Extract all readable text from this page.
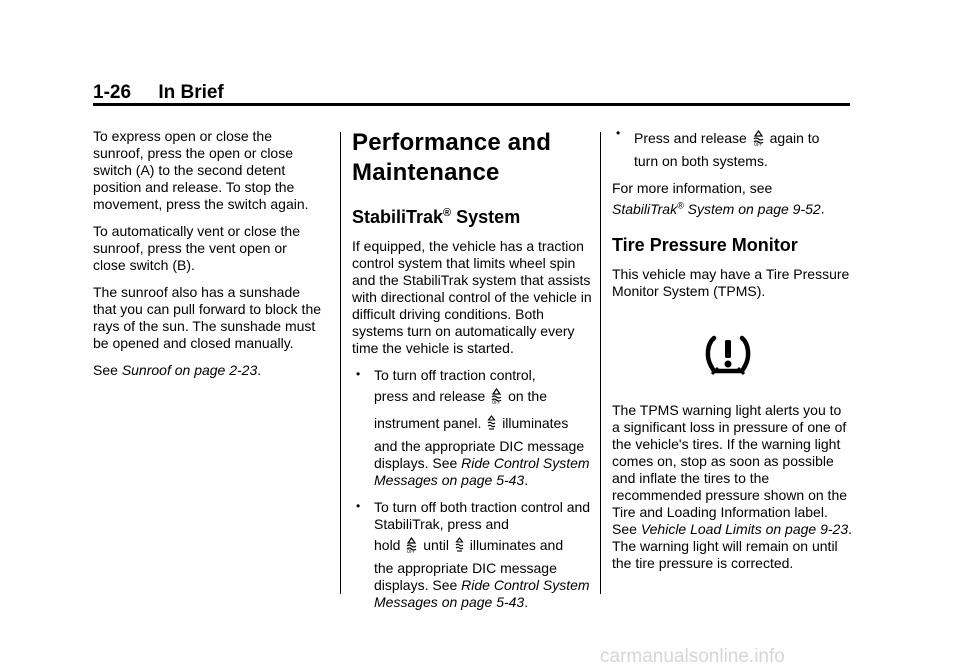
1-26 In Brief

To express open or close the sunroof, press the open or close switch (A) to the second detent position and release. To stop the movement, press the switch again.

To automatically vent or close the sunroof, press the vent open or close switch (B).

The sunroof also has a sunshade that you can pull forward to block the rays of the sun. The sunshade must be opened and closed manually.

See Sunroof on page 2-23.

Performance and
Maintenance
StabiliTrak® System

If equipped, the vehicle has a traction control system that limits wheel spin and the StabiliTrak system that assists with directional control of the vehicle in difficult driving conditions. Both systems turn on automatically every time the vehicle is started.

• To turn off traction control,
press and release OFF on the
instrument panel. illuminates
and the appropriate DIC message displays. See Ride Control System Messages on page 5-43.
• To turn off both traction control and StabiliTrak, press and
hold OFF until illuminates and
the appropriate DIC message displays. See Ride Control System Messages on page 5-43.
• Press and release OFF again to
turn on both systems.

For more information, see
StabiliTrak® System on page 9-52.

Tire Pressure Monitor

This vehicle may have a Tire Pressure Monitor System (TPMS).

The TPMS warning light alerts you to a significant loss in pressure of one of the vehicle's tires. If the warning light comes on, stop as soon as possible and inflate the tires to the recommended pressure shown on the Tire and Loading Information label. See Vehicle Load Limits on page 9-23. The warning light will remain on until the tire pressure is corrected.

carmanualsonline.info
